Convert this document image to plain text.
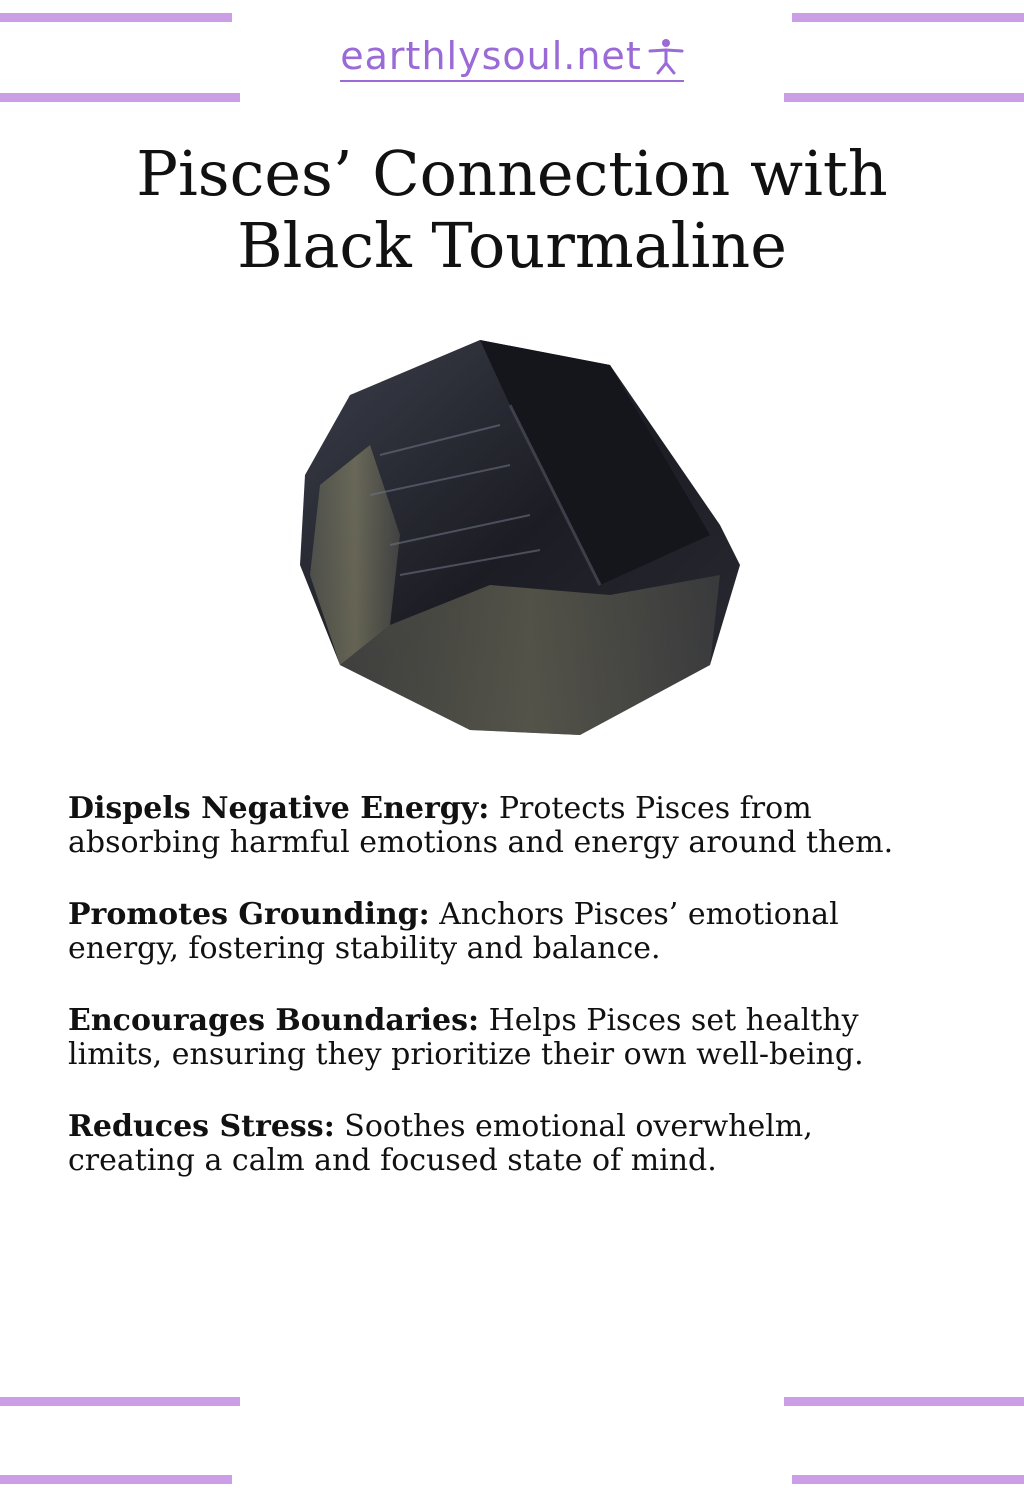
earthlysoul.net
Pisces’ Connection with
Black Tourmaline

Dispels Negative Energy: Protects Pisces from absorbing harmful emotions and energy around them.

Promotes Grounding: Anchors Pisces’ emotional energy, fostering stability and balance.

Encourages Boundaries: Helps Pisces set healthy limits, ensuring they prioritize their own well-being.

Reduces Stress: Soothes emotional overwhelm, creating a calm and focused state of mind.
